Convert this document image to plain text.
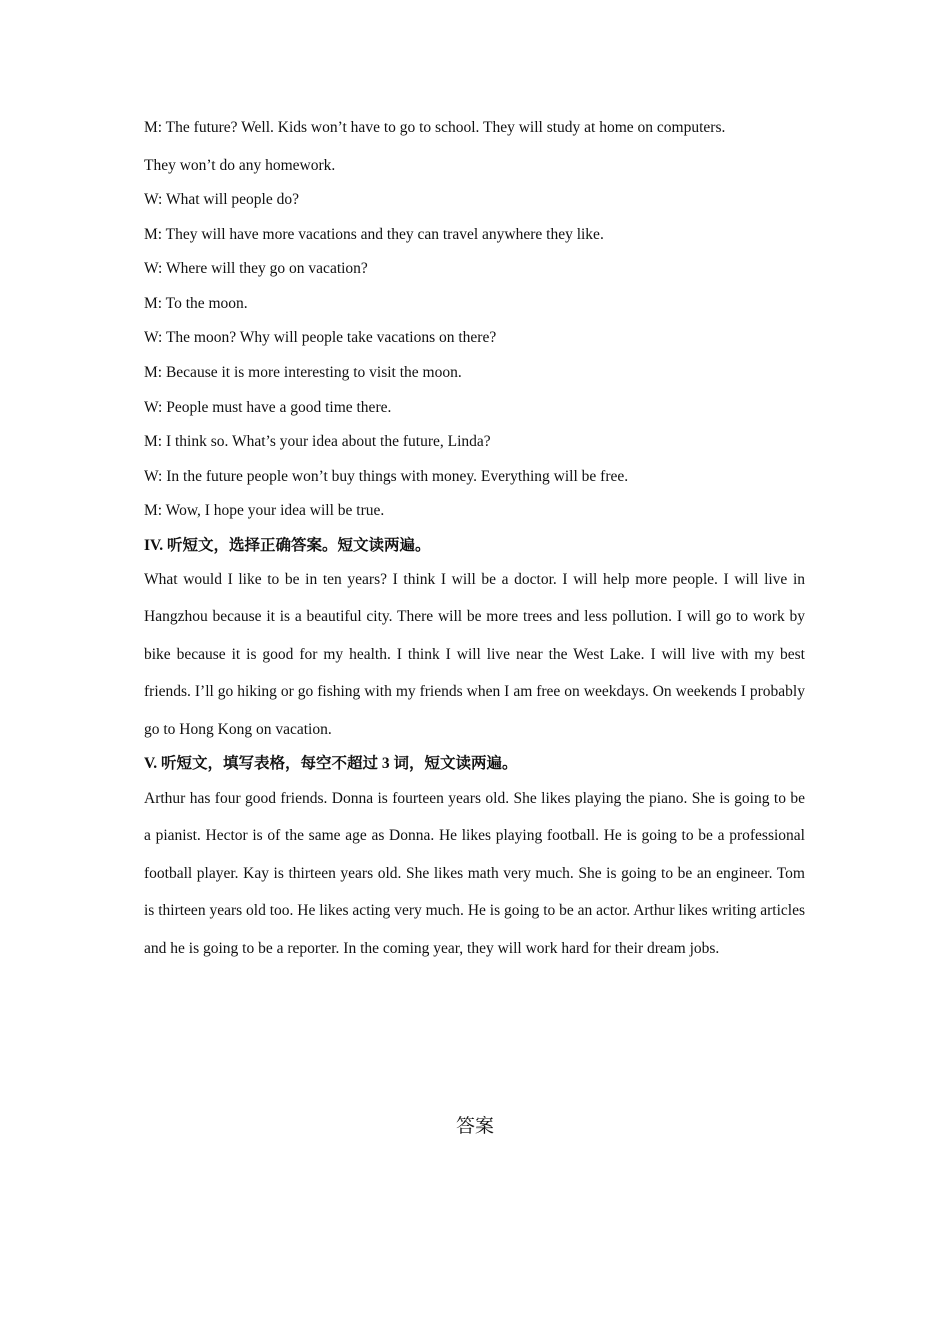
M: The future? Well. Kids won’t have to go to school. They will study at home on computers.
They won’t do any homework.
W: What will people do?
M: They will have more vacations and they can travel anywhere they like.
W: Where will they go on vacation?
M: To the moon.
W: The moon? Why will people take vacations on there?
M: Because it is more interesting to visit the moon.
W: People must have a good time there.
M: I think so. What’s your idea about the future, Linda?
W: In the future people won’t buy things with money. Everything will be free.
M: Wow, I hope your idea will be true.
IV. 听短文，选择正确答案。短文读两遍。
What would I like to be in ten years? I think I will be a doctor. I will help more people. I will live in Hangzhou because it is a beautiful city. There will be more trees and less pollution. I will go to work by bike because it is good for my health. I think I will live near the West Lake. I will live with my best friends. I’ll go hiking or go fishing with my friends when I am free on weekdays. On weekends I probably go to Hong Kong on vacation.
V. 听短文，填写表格，每空不超过 3 词，短文读两遍。
Arthur has four good friends. Donna is fourteen years old. She likes playing the piano. She is going to be a pianist. Hector is of the same age as Donna. He likes playing football. He is going to be a professional football player. Kay is thirteen years old. She likes math very much. She is going to be an engineer. Tom is thirteen years old too. He likes acting very much. He is going to be an actor. Arthur likes writing articles and he is going to be a reporter. In the coming year, they will work hard for their dream jobs.
答案
